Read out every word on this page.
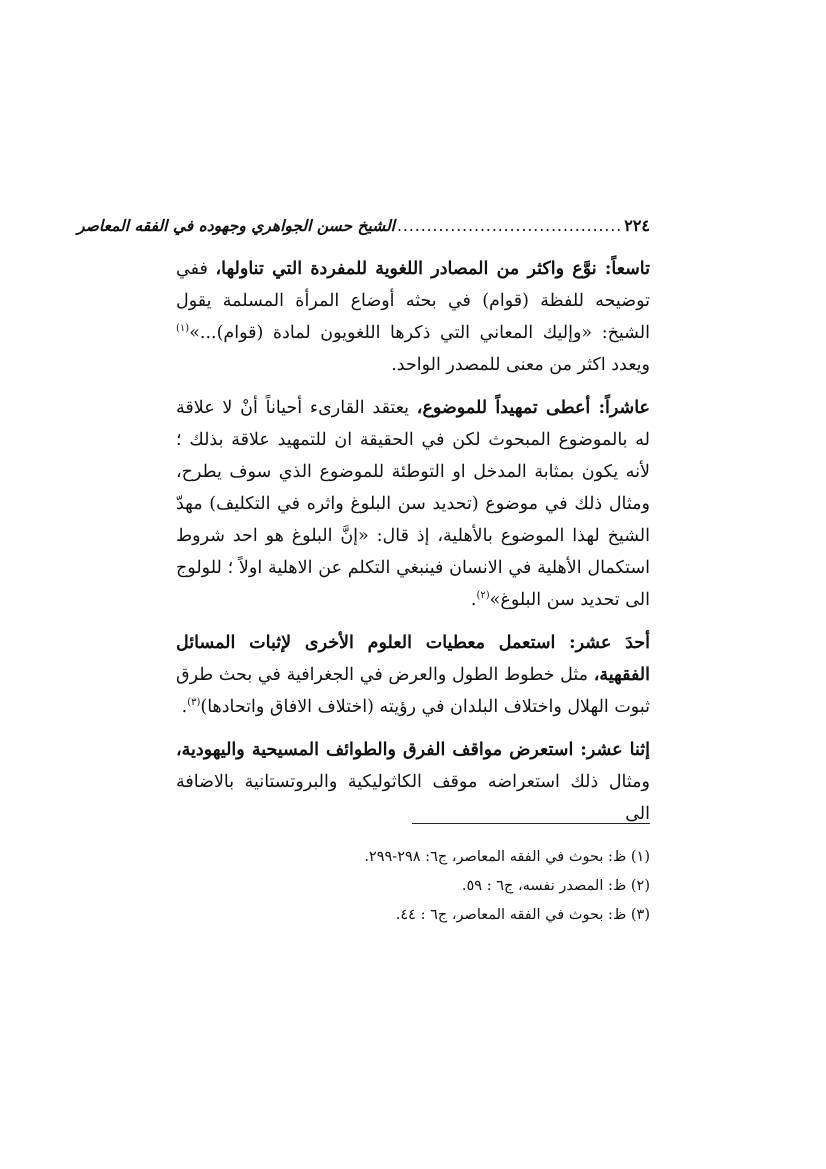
٢٢٤
......................................
الشيخ حسن الجواهري وجهوده في الفقه المعاصر

تاسعاً: نوَّع واكثر من المصادر اللغوية للمفردة التي تناولها، ففي توضيحه للفظة (قوام) في بحثه أوضاع المرأة المسلمة يقول الشيخ: «وإليك المعاني التي ذكرها اللغويون لمادة (قوام)...»$^{(١)}$ ويعدد اكثر من معنى للمصدر الواحد.

عاشراً: أعطى تمهيداً للموضوع، يعتقد القارىء أحياناً أنْ لا علاقة له بالموضوع المبحوث لكن في الحقيقة ان للتمهيد علاقة بذلك ؛لأنه يكون بمثابة المدخل او التوطئة للموضوع الذي سوف يطرح، ومثال ذلك في موضوع (تحديد سن البلوغ واثره في التكليف) مهدّ الشيخ لهذا الموضوع بالأهلية، إذ قال: «إنَّ البلوغ هو احد شروط استكمال الأهلية في الانسان فينبغي التكلم عن الاهلية اولاً ؛ للولوج الى تحديد سن البلوغ»$^{(٢)}$.

أحدَ عشر: استعمل معطيات العلوم الأخرى لإثبات المسائل الفقهية، مثل خطوط الطول والعرض في الجغرافية في بحث طرق ثبوت الهلال واختلاف البلدان في رؤيته (اختلاف الافاق واتحادها)$^{(٣)}$.

إثنا عشر: استعرض مواقف الفرق والطوائف المسيحية واليهودية، ومثال ذلك استعراضه موقف الكاثوليكية والبروتستانية بالاضافة الى

(١) ظ: بحوث في الفقه المعاصر، ج٦: ٢٩٨-٢٩٩.
(٢) ظ: المصدر نفسه، ج٦ : ٥٩.
(٣) ظ: بحوث في الفقه المعاصر، ج٦ : ٤٤.
